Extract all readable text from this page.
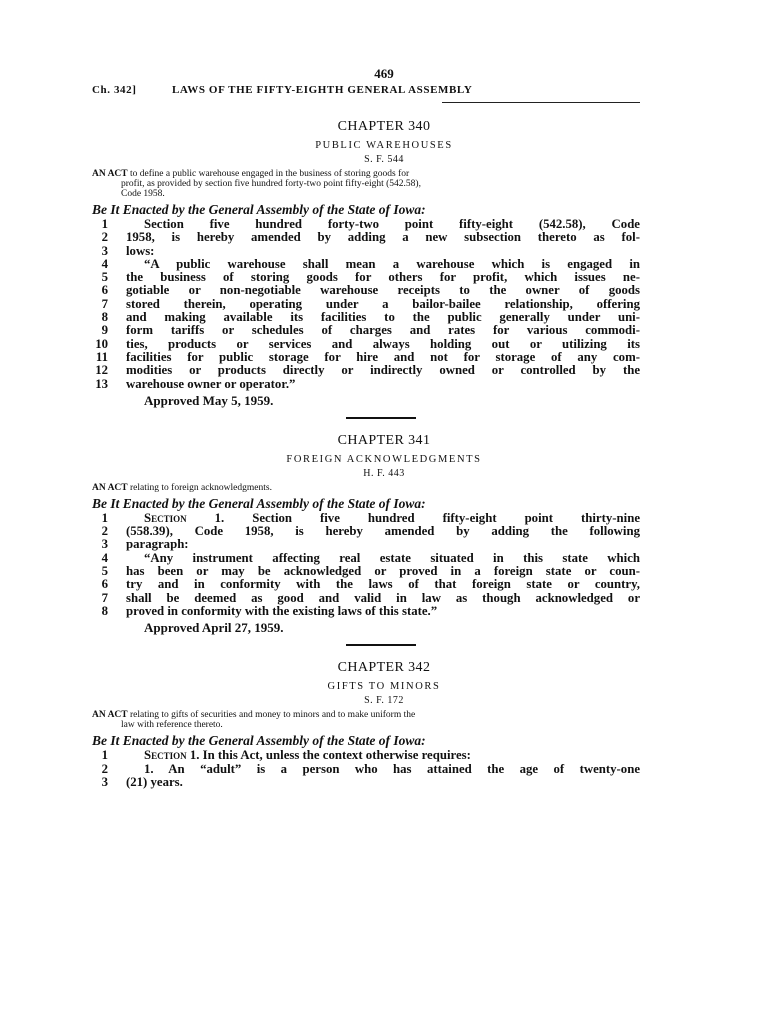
469
Ch. 342]	LAWS OF THE FIFTY-EIGHTH GENERAL ASSEMBLY
CHAPTER 340
PUBLIC WAREHOUSES
S. F. 544
AN ACT to define a public warehouse engaged in the business of storing goods for
profit, as provided by section five hundred forty-two point fifty-eight (542.58),
Code 1958.
Be It Enacted by the General Assembly of the State of Iowa:
1	Section five hundred forty-two point fifty-eight (542.58), Code
2 1958, is hereby amended by adding a new subsection thereto as fol-
3 lows:
4	“A public warehouse shall mean a warehouse which is engaged in
5 the business of storing goods for others for profit, which issues ne-
6 gotiable or non-negotiable warehouse receipts to the owner of goods
7 stored therein, operating under a bailor-bailee relationship, offering
8 and making available its facilities to the public generally under uni-
9 form tariffs or schedules of charges and rates for various commodi-
10 ties, products or services and always holding out or utilizing its
11 facilities for public storage for hire and not for storage of any com-
12 modities or products directly or indirectly owned or controlled by the
13 warehouse owner or operator.”
Approved May 5, 1959.
CHAPTER 341
FOREIGN ACKNOWLEDGMENTS
H. F. 443
AN ACT relating to foreign acknowledgments.
Be It Enacted by the General Assembly of the State of Iowa:
1	Section 1. Section five hundred fifty-eight point thirty-nine
2 (558.39), Code 1958, is hereby amended by adding the following
3 paragraph:
4	“Any instrument affecting real estate situated in this state which
5 has been or may be acknowledged or proved in a foreign state or coun-
6 try and in conformity with the laws of that foreign state or country,
7 shall be deemed as good and valid in law as though acknowledged or
8 proved in conformity with the existing laws of this state.”
Approved April 27, 1959.
CHAPTER 342
GIFTS TO MINORS
S. F. 172
AN ACT relating to gifts of securities and money to minors and to make uniform the
law with reference thereto.
Be It Enacted by the General Assembly of the State of Iowa:
1	Section 1. In this Act, unless the context otherwise requires:
2	1. An “adult” is a person who has attained the age of twenty-one
3 (21) years.
